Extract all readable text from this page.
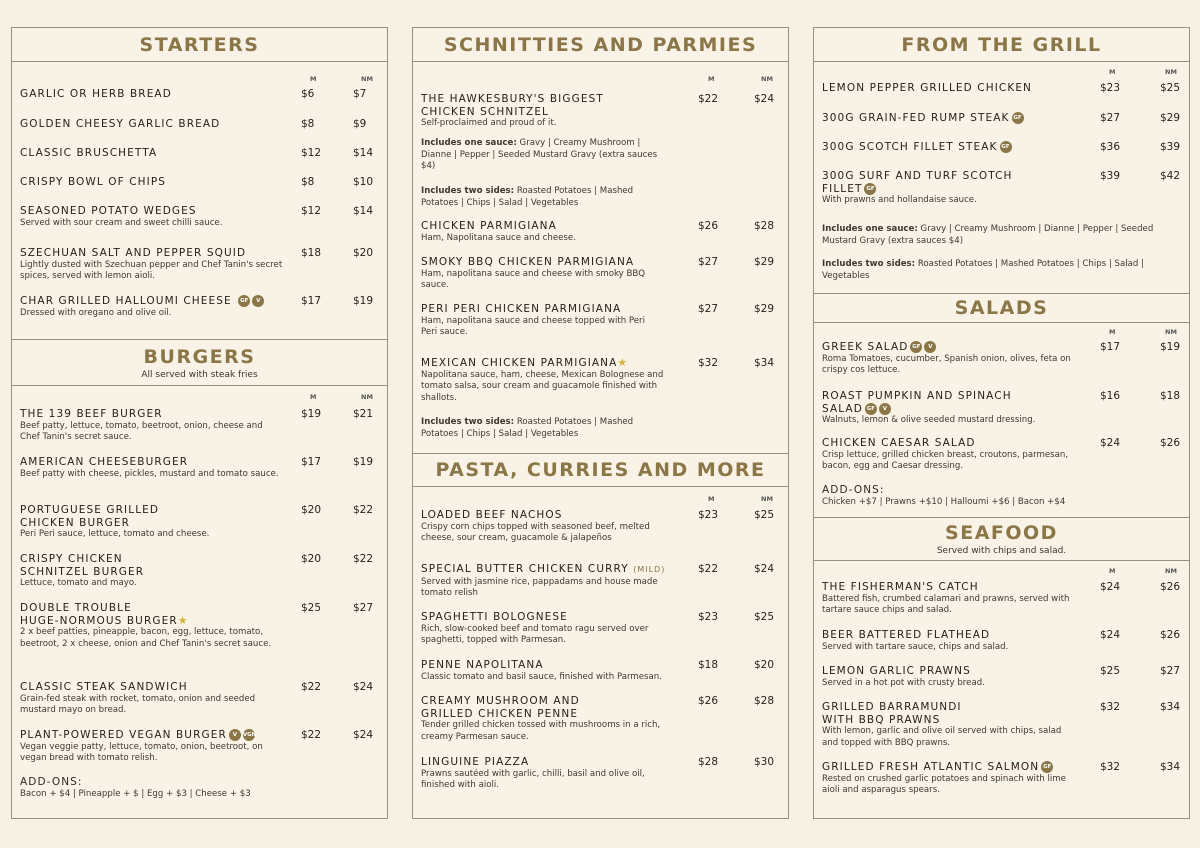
STARTERS
M	NM
GARLIC OR HERB BREAD	$6	$7
GOLDEN CHEESY GARLIC BREAD	$8	$9
CLASSIC BRUSCHETTA	$12	$14
CRISPY BOWL OF CHIPS	$8	$10
SEASONED POTATO WEDGES
Served with sour cream and sweet chilli sauce.
$12	$14
SZECHUAN SALT AND PEPPER SQUID
Lightly dusted with Szechuan pepper and Chef Tanin's secret spices, served with lemon aioli.
$18	$20
CHAR GRILLED HALLOUMI CHEESE GF V
Dressed with oregano and olive oil.
$17	$19
BURGERS
All served with steak fries
M	NM
THE 139 BEEF BURGER
Beef patty, lettuce, tomato, beetroot, onion, cheese and Chef Tanin's secret sauce.
$19	$21
AMERICAN CHEESEBURGER
Beef patty with cheese, pickles, mustard and tomato sauce.
$17	$19
PORTUGUESE GRILLED
CHICKEN BURGER
Peri Peri sauce, lettuce, tomato and cheese.
$20	$22
CRISPY CHICKEN
SCHNITZEL BURGER
Lettuce, tomato and mayo.
$20	$22
DOUBLE TROUBLE
HUGE-NORMOUS BURGER★
2 x beef patties, pineapple, bacon, egg, lettuce, tomato, beetroot, 2 x cheese, onion and Chef Tanin's secret sauce.
$25	$27
CLASSIC STEAK SANDWICH
Grain-fed steak with rocket, tomato, onion and seeded mustard mayo on bread.
$22	$24
PLANT-POWERED VEGAN BURGER V VGN
Vegan veggie patty, lettuce, tomato, onion, beetroot, on vegan bread with tomato relish.
$22	$24
ADD-ONS:
Bacon + $4 | Pineapple + $ | Egg + $3 | Cheese + $3
SCHNITTIES AND PARMIES
M	NM
THE HAWKESBURY'S BIGGEST
CHICKEN SCHNITZEL
Self-proclaimed and proud of it.
$22	$24
Includes one sauce: Gravy | Creamy Mushroom | Dianne | Pepper | Seeded Mustard Gravy (extra sauces $4)
Includes two sides: Roasted Potatoes | Mashed Potatoes | Chips | Salad | Vegetables
CHICKEN PARMIGIANA
Ham, Napolitana sauce and cheese.
$26	$28
SMOKY BBQ CHICKEN PARMIGIANA
Ham, napolitana sauce and cheese with smoky BBQ sauce.
$27	$29
PERI PERI CHICKEN PARMIGIANA
Ham, napolitana sauce and cheese topped with Peri Peri sauce.
$27	$29
MEXICAN CHICKEN PARMIGIANA★
Napolitana sauce, ham, cheese, Mexican Bolognese and tomato salsa, sour cream and guacamole finished with shallots.
$32	$34
Includes two sides: Roasted Potatoes | Mashed Potatoes | Chips | Salad | Vegetables
PASTA, CURRIES AND MORE
M	NM
LOADED BEEF NACHOS
Crispy corn chips topped with seasoned beef, melted cheese, sour cream, guacamole & jalapeños
$23	$25
SPECIAL BUTTER CHICKEN CURRY (MILD)
Served with jasmine rice, pappadams and house made tomato relish
$22	$24
SPAGHETTI BOLOGNESE
Rich, slow-cooked beef and tomato ragu served over spaghetti, topped with Parmesan.
$23	$25
PENNE NAPOLITANA
Classic tomato and basil sauce, finished with Parmesan.
$18	$20
CREAMY MUSHROOM AND
GRILLED CHICKEN PENNE
Tender grilled chicken tossed with mushrooms in a rich, creamy Parmesan sauce.
$26	$28
LINGUINE PIAZZA
Prawns sautéed with garlic, chilli, basil and olive oil, finished with aioli.
$28	$30
FROM THE GRILL
M	NM
LEMON PEPPER GRILLED CHICKEN	$23	$25
300G GRAIN-FED RUMP STEAK GF	$27	$29
300G SCOTCH FILLET STEAK GF	$36	$39
300G SURF AND TURF SCOTCH
FILLET GF
With prawns and hollandaise sauce.
$39	$42
Includes one sauce: Gravy | Creamy Mushroom | Dianne | Pepper | Seeded Mustard Gravy (extra sauces $4)
Includes two sides: Roasted Potatoes | Mashed Potatoes | Chips | Salad | Vegetables
SALADS
M	NM
GREEK SALAD GF V
Roma Tomatoes, cucumber, Spanish onion, olives, feta on crispy cos lettuce.
$17	$19
ROAST PUMPKIN AND SPINACH
SALAD GF V
Walnuts, lemon & olive seeded mustard dressing.
$16	$18
CHICKEN CAESAR SALAD
Crisp lettuce, grilled chicken breast, croutons, parmesan, bacon, egg and Caesar dressing.
$24	$26
ADD-ONS:
Chicken +$7 | Prawns +$10 | Halloumi +$6 | Bacon +$4
SEAFOOD
Served with chips and salad.
M	NM
THE FISHERMAN'S CATCH
Battered fish, crumbed calamari and prawns, served with tartare sauce chips and salad.
$24	$26
BEER BATTERED FLATHEAD
Served with tartare sauce, chips and salad.
$24	$26
LEMON GARLIC PRAWNS
Served in a hot pot with crusty bread.
$25	$27
GRILLED BARRAMUNDI
WITH BBQ PRAWNS
With lemon, garlic and olive oil served with chips, salad and topped with BBQ prawns.
$32	$34
GRILLED FRESH ATLANTIC SALMON GF
Rested on crushed garlic potatoes and spinach with lime aioli and asparagus spears.
$32	$34
